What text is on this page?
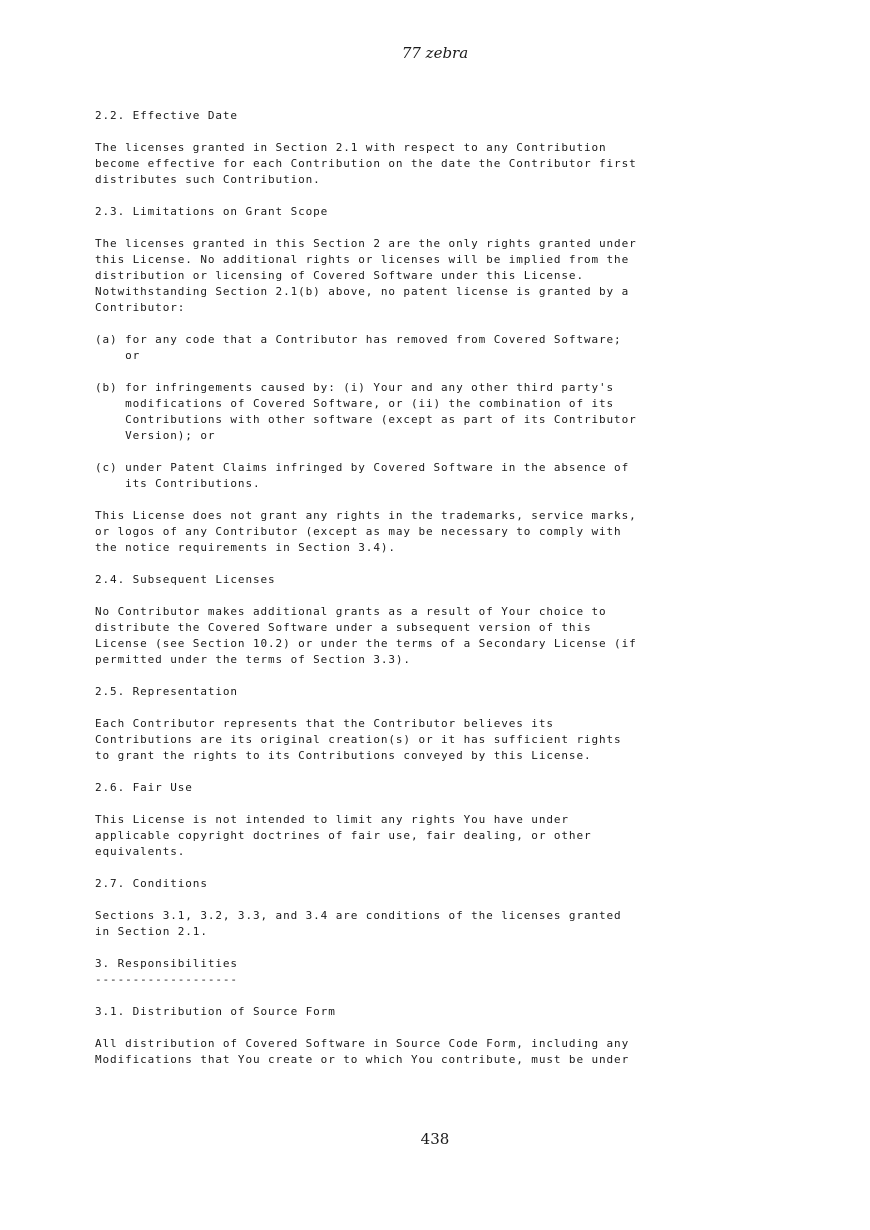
77 zebra
2.2. Effective Date
The licenses granted in Section 2.1 with respect to any Contribution
become effective for each Contribution on the date the Contributor first
distributes such Contribution.
2.3. Limitations on Grant Scope
The licenses granted in this Section 2 are the only rights granted under
this License. No additional rights or licenses will be implied from the
distribution or licensing of Covered Software under this License.
Notwithstanding Section 2.1(b) above, no patent license is granted by a
Contributor:
(a) for any code that a Contributor has removed from Covered Software;
or
(b) for infringements caused by: (i) Your and any other third party's
modifications of Covered Software, or (ii) the combination of its
Contributions with other software (except as part of its Contributor
Version); or
(c) under Patent Claims infringed by Covered Software in the absence of
its Contributions.
This License does not grant any rights in the trademarks, service marks,
or logos of any Contributor (except as may be necessary to comply with
the notice requirements in Section 3.4).
2.4. Subsequent Licenses
No Contributor makes additional grants as a result of Your choice to
distribute the Covered Software under a subsequent version of this
License (see Section 10.2) or under the terms of a Secondary License (if
permitted under the terms of Section 3.3).
2.5. Representation
Each Contributor represents that the Contributor believes its
Contributions are its original creation(s) or it has sufficient rights
to grant the rights to its Contributions conveyed by this License.
2.6. Fair Use
This License is not intended to limit any rights You have under
applicable copyright doctrines of fair use, fair dealing, or other
equivalents.
2.7. Conditions
Sections 3.1, 3.2, 3.3, and 3.4 are conditions of the licenses granted
in Section 2.1.
3. Responsibilities
-------------------
3.1. Distribution of Source Form
All distribution of Covered Software in Source Code Form, including any
Modifications that You create or to which You contribute, must be under
438
